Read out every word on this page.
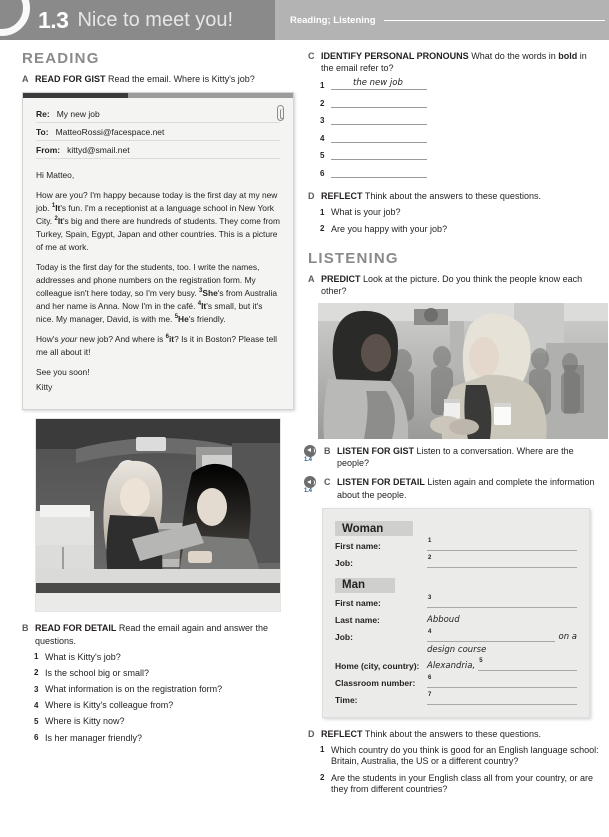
1.3 Nice to meet you!	Reading; Listening
READING
A READ FOR GIST Read the email. Where is Kitty's job?
Re: My new job
To: MatteoRossi@facespace.net
From: kittyd@smail.net

Hi Matteo,

How are you? I'm happy because today is the first day at my new job. $^1$It's fun. I'm a receptionist at a language school in New York City. $^2$It's big and there are hundreds of students. They come from Turkey, Spain, Egypt, Japan and other countries. This is a picture of me at work.

Today is the first day for the students, too. I write the names, addresses and phone numbers on the registration form. My colleague isn't here today, so I'm very busy. $^3$She's from Australia and her name is Anna. Now I'm in the café. $^4$It's small, but it's nice. My manager, David, is with me. $^5$He's friendly.

How's your new job? And where is $^6$it? Is it in Boston? Please tell me all about it!

See you soon!

Kitty

B READ FOR DETAIL Read the email again and answer the questions.
1 What is Kitty's job?
2 Is the school big or small?
3 What information is on the registration form?
4 Where is Kitty's colleague from?
5 Where is Kitty now?
6 Is her manager friendly?
C IDENTIFY PERSONAL PRONOUNS What do the words in bold in the email refer to?
1	the new job
2
3
4
5
6
D REFLECT Think about the answers to these questions.
1 What is your job?
2 Are you happy with your job?
LISTENING
A PREDICT Look at the picture. Do you think the people know each other?
1.4
B LISTEN FOR GIST Listen to a conversation. Where are the people?
1.4
C LISTEN FOR DETAIL Listen again and complete the information about the people.
Woman
First name:	1
Job:	2
Man
First name:	3
Last name:	Abboud
Job:	4	on a
design course
Home (city, country): Alexandria, 5
Classroom number:	6
Time:	7
D REFLECT Think about the answers to these questions.
1 Which country do you think is good for an English language school: Britain, Australia, the US or a different country?
2 Are the students in your English class all from your country, or are they from different countries?
